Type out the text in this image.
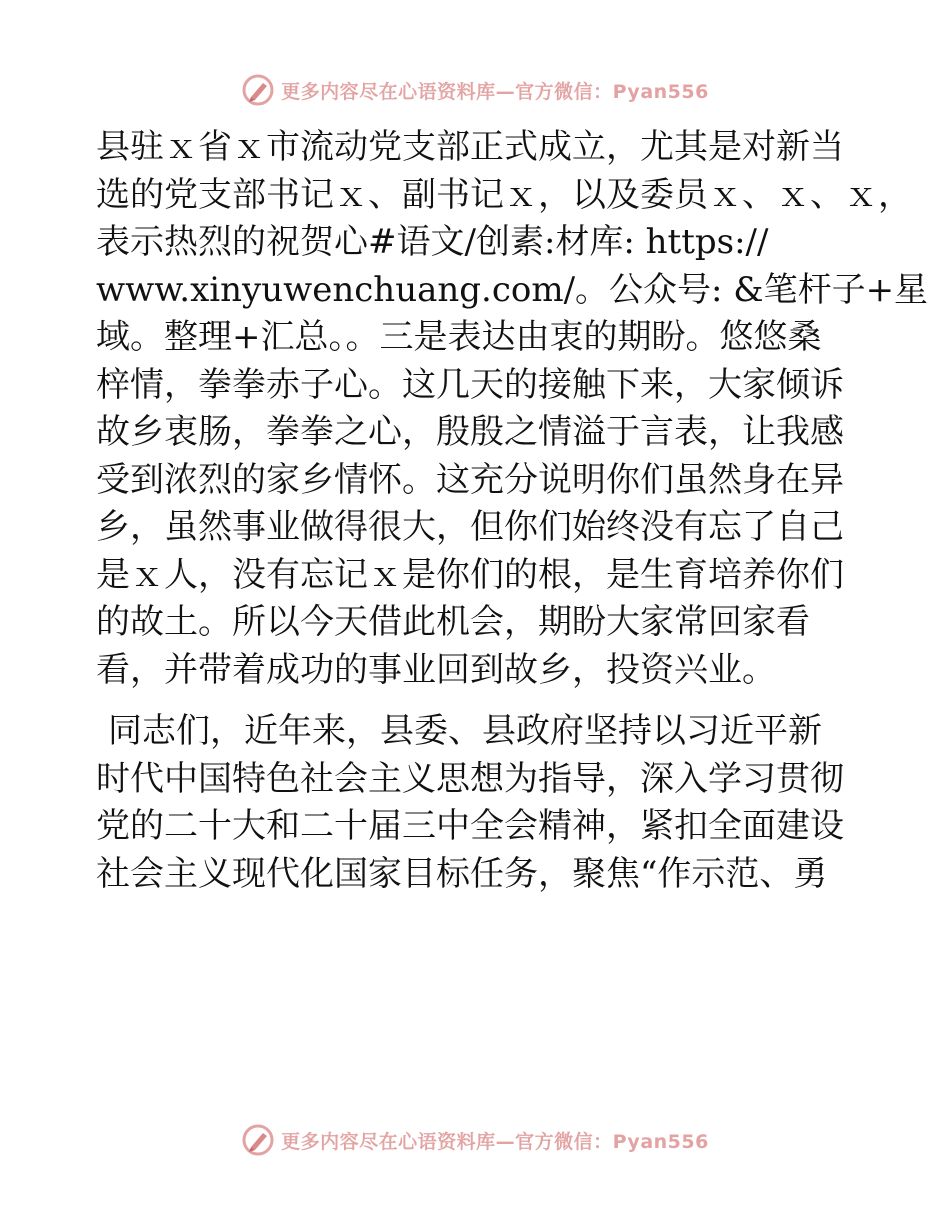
更多内容尽在心语资料库—官方微信：Pyan556

县驻ｘ省ｘ市流动党支部正式成立，尤其是对新当
选的党支部书记ｘ、副书记ｘ，以及委员ｘ、ｘ、ｘ，
表示热烈的祝贺心#语文/创素:材库: https://
www.xinyuwenchuang.com/。公众号: &笔杆子+星
域。整理+汇总。。三是表达由衷的期盼。悠悠桑
梓情，拳拳赤子心。这几天的接触下来，大家倾诉
故乡衷肠，拳拳之心，殷殷之情溢于言表，让我感
受到浓烈的家乡情怀。这充分说明你们虽然身在异
乡，虽然事业做得很大，但你们始终没有忘了自己
是ｘ人，没有忘记ｘ是你们的根，是生育培养你们
的故土。所以今天借此机会，期盼大家常回家看
看，并带着成功的事业回到故乡，投资兴业。

同志们，近年来，县委、县政府坚持以习近平新
时代中国特色社会主义思想为指导，深入学习贯彻
党的二十大和二十届三中全会精神，紧扣全面建设
社会主义现代化国家目标任务，聚焦“作示范、勇

更多内容尽在心语资料库—官方微信：Pyan556
